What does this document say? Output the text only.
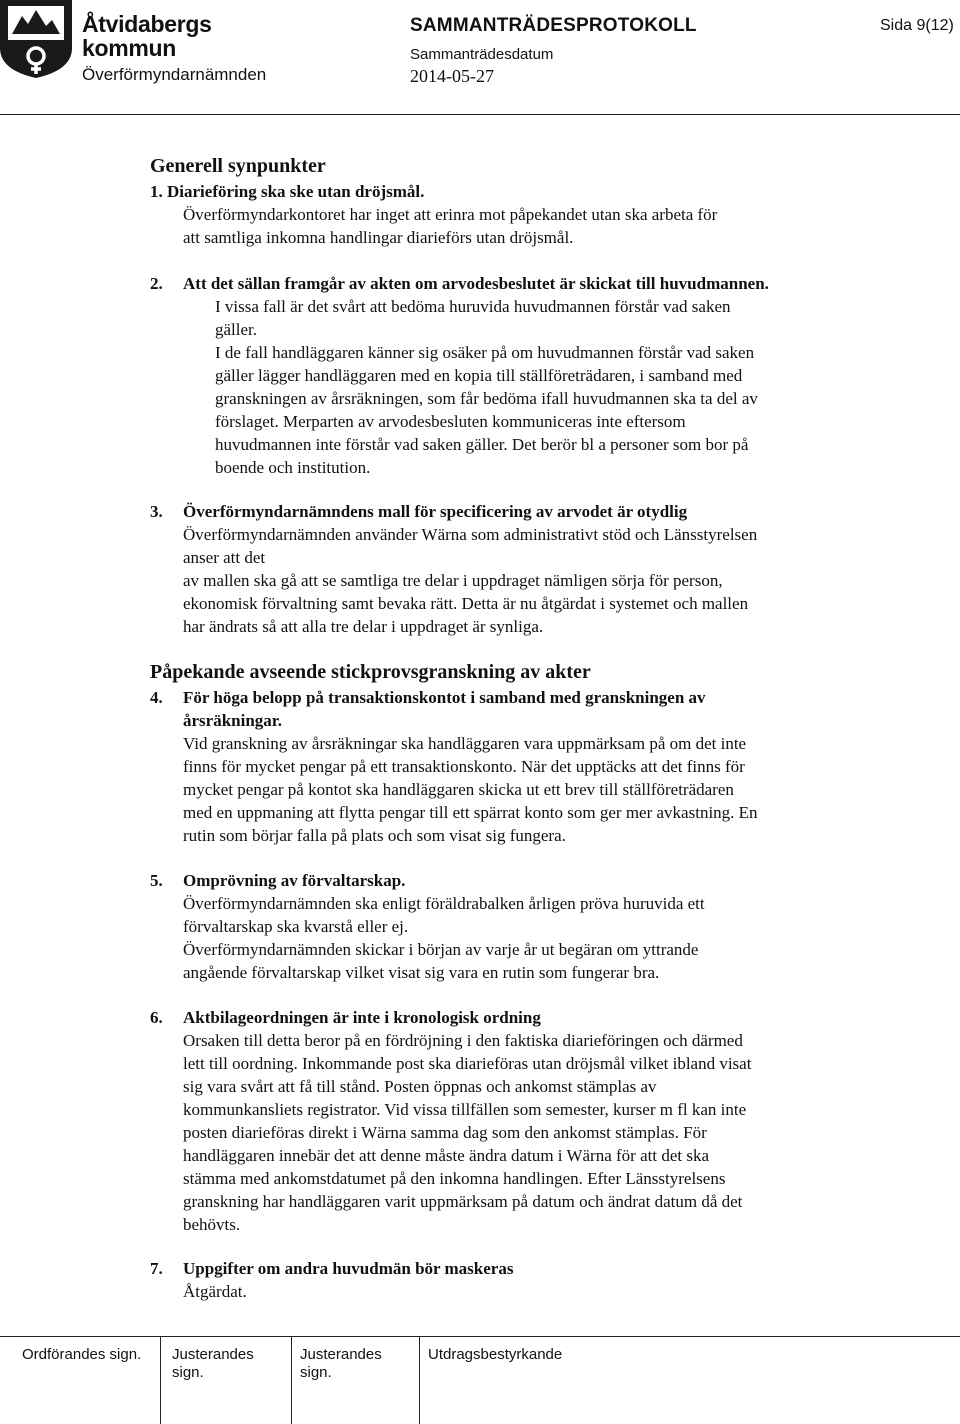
Åtvidabergs
kommun
Överförmyndarnämnden
SAMMANTRÄDESPROTOKOLL
Sammanträdesdatum
2014-05-27
Sida 9(12)
Generell synpunkter
1. Diarieföring ska ske utan dröjsmål.
Överförmyndarkontoret har inget att erinra mot påpekandet utan ska arbeta för
att samtliga inkomna handlingar diarieförs utan dröjsmål.
2. Att det sällan framgår av akten om arvodesbeslutet är skickat till huvudmannen.
I vissa fall är det svårt att bedöma huruvida huvudmannen förstår vad saken
gäller.
I de fall handläggaren känner sig osäker på om huvudmannen förstår vad saken
gäller lägger handläggaren med en kopia till ställföreträdaren, i samband med
granskningen av årsräkningen, som får bedöma ifall huvudmannen ska ta del av
förslaget. Merparten av arvodesbesluten kommuniceras inte eftersom
huvudmannen inte förstår vad saken gäller. Det berör bl a personer som bor på
boende och institution.
3. Överförmyndarnämndens mall för specificering av arvodet är otydlig
Överförmyndarnämnden använder Wärna som administrativt stöd och Länsstyrelsen
anser att det
av mallen ska gå att se samtliga tre delar i uppdraget nämligen sörja för person,
ekonomisk förvaltning samt bevaka rätt. Detta är nu åtgärdat i systemet och mallen
har ändrats så att alla tre delar i uppdraget är synliga.
Påpekande avseende stickprovsgranskning av akter
4. För höga belopp på transaktionskontot i samband med granskningen av
årsräkningar.
Vid granskning av årsräkningar ska handläggaren vara uppmärksam på om det inte
finns för mycket pengar på ett transaktionskonto. När det upptäcks att det finns för
mycket pengar på kontot ska handläggaren skicka ut ett brev till ställföreträdaren
med en uppmaning att flytta pengar till ett spärrat konto som ger mer avkastning. En
rutin som börjar falla på plats och som visat sig fungera.
5. Omprövning av förvaltarskap.
Överförmyndarnämnden ska enligt föräldrabalken årligen pröva huruvida ett
förvaltarskap ska kvarstå eller ej.
Överförmyndarnämnden skickar i början av varje år ut begäran om yttrande
angående förvaltarskap vilket visat sig vara en rutin som fungerar bra.
6. Aktbilageordningen är inte i kronologisk ordning
Orsaken till detta beror på en fördröjning i den faktiska diarieföringen och därmed
lett till oordning. Inkommande post ska diarieföras utan dröjsmål vilket ibland visat
sig vara svårt att få till stånd. Posten öppnas och ankomst stämplas av
kommunkansliets registrator. Vid vissa tillfällen som semester, kurser m fl kan inte
posten diarieföras direkt i Wärna samma dag som den ankomst stämplas. För
handläggaren innebär det att denne måste ändra datum i Wärna för att det ska
stämma med ankomstdatumet på den inkomna handlingen. Efter Länsstyrelsens
granskning har handläggaren varit uppmärksam på datum och ändrat datum då det
behövts.
7. Uppgifter om andra huvudmän bör maskeras
Åtgärdat.
Ordförandes sign. Justerandes
sign.
Justerandes
sign.
Utdragsbestyrkande
